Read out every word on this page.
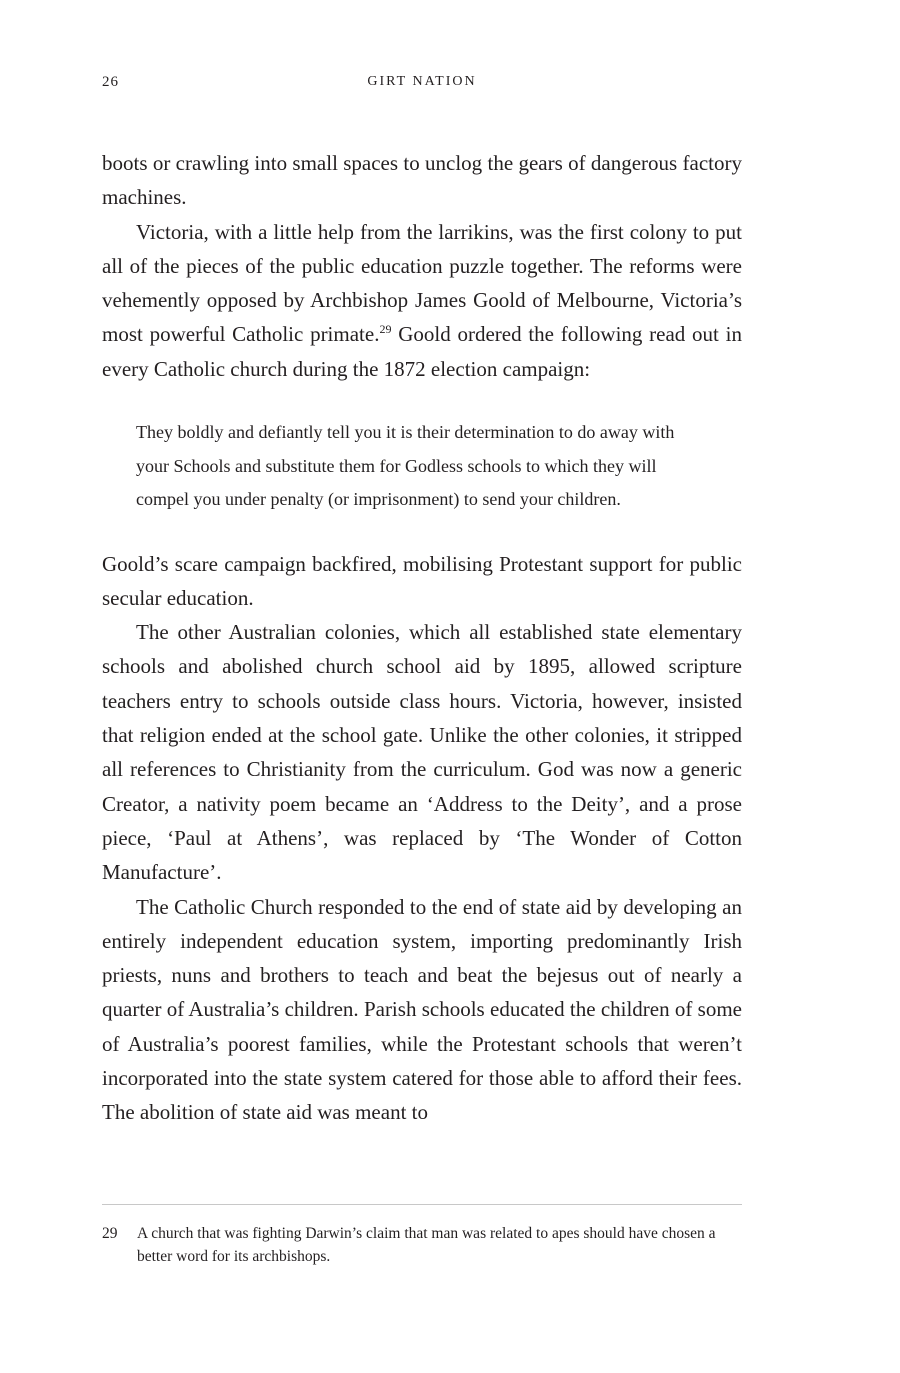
26	GIRT NATION

boots or crawling into small spaces to unclog the gears of dangerous factory machines.

Victoria, with a little help from the larrikins, was the first colony to put all of the pieces of the public education puzzle together. The reforms were vehemently opposed by Archbishop James Goold of Melbourne, Victoria’s most powerful Catholic primate.$^{29}$ Goold ordered the following read out in every Catholic church during the 1872 election campaign:

They boldly and defiantly tell you it is their determination to do away with your Schools and substitute them for Godless schools to which they will compel you under penalty (or imprisonment) to send your children.

Goold’s scare campaign backfired, mobilising Protestant support for public secular education.

The other Australian colonies, which all established state elementary schools and abolished church school aid by 1895, allowed scripture teachers entry to schools outside class hours. Victoria, however, insisted that religion ended at the school gate. Unlike the other colonies, it stripped all references to Christianity from the curriculum. God was now a generic Creator, a nativity poem became an ‘Address to the Deity’, and a prose piece, ‘Paul at Athens’, was replaced by ‘The Wonder of Cotton Manufacture’.

The Catholic Church responded to the end of state aid by developing an entirely independent education system, importing predominantly Irish priests, nuns and brothers to teach and beat the bejesus out of nearly a quarter of Australia’s children. Parish schools educated the children of some of Australia’s poorest families, while the Protestant schools that weren’t incorporated into the state system catered for those able to afford their fees. The abolition of state aid was meant to

29 A church that was fighting Darwin’s claim that man was related to apes should have chosen a better word for its archbishops.
